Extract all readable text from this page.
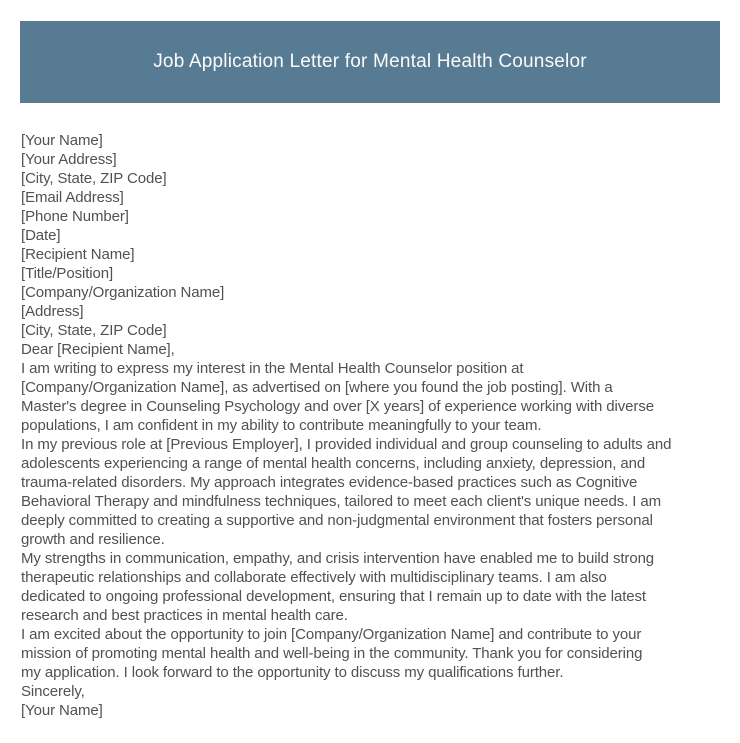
Job Application Letter for Mental Health Counselor
[Your Name]
[Your Address]
[City, State, ZIP Code]
[Email Address]
[Phone Number]
[Date]
[Recipient Name]
[Title/Position]
[Company/Organization Name]
[Address]
[City, State, ZIP Code]
Dear [Recipient Name],
I am writing to express my interest in the Mental Health Counselor position at
[Company/Organization Name], as advertised on [where you found the job posting]. With a
Master's degree in Counseling Psychology and over [X years] of experience working with diverse
populations, I am confident in my ability to contribute meaningfully to your team.
In my previous role at [Previous Employer], I provided individual and group counseling to adults and
adolescents experiencing a range of mental health concerns, including anxiety, depression, and
trauma-related disorders. My approach integrates evidence-based practices such as Cognitive
Behavioral Therapy and mindfulness techniques, tailored to meet each client's unique needs. I am
deeply committed to creating a supportive and non-judgmental environment that fosters personal
growth and resilience.
My strengths in communication, empathy, and crisis intervention have enabled me to build strong
therapeutic relationships and collaborate effectively with multidisciplinary teams. I am also
dedicated to ongoing professional development, ensuring that I remain up to date with the latest
research and best practices in mental health care.
I am excited about the opportunity to join [Company/Organization Name] and contribute to your
mission of promoting mental health and well-being in the community. Thank you for considering
my application. I look forward to the opportunity to discuss my qualifications further.
Sincerely,
[Your Name]
